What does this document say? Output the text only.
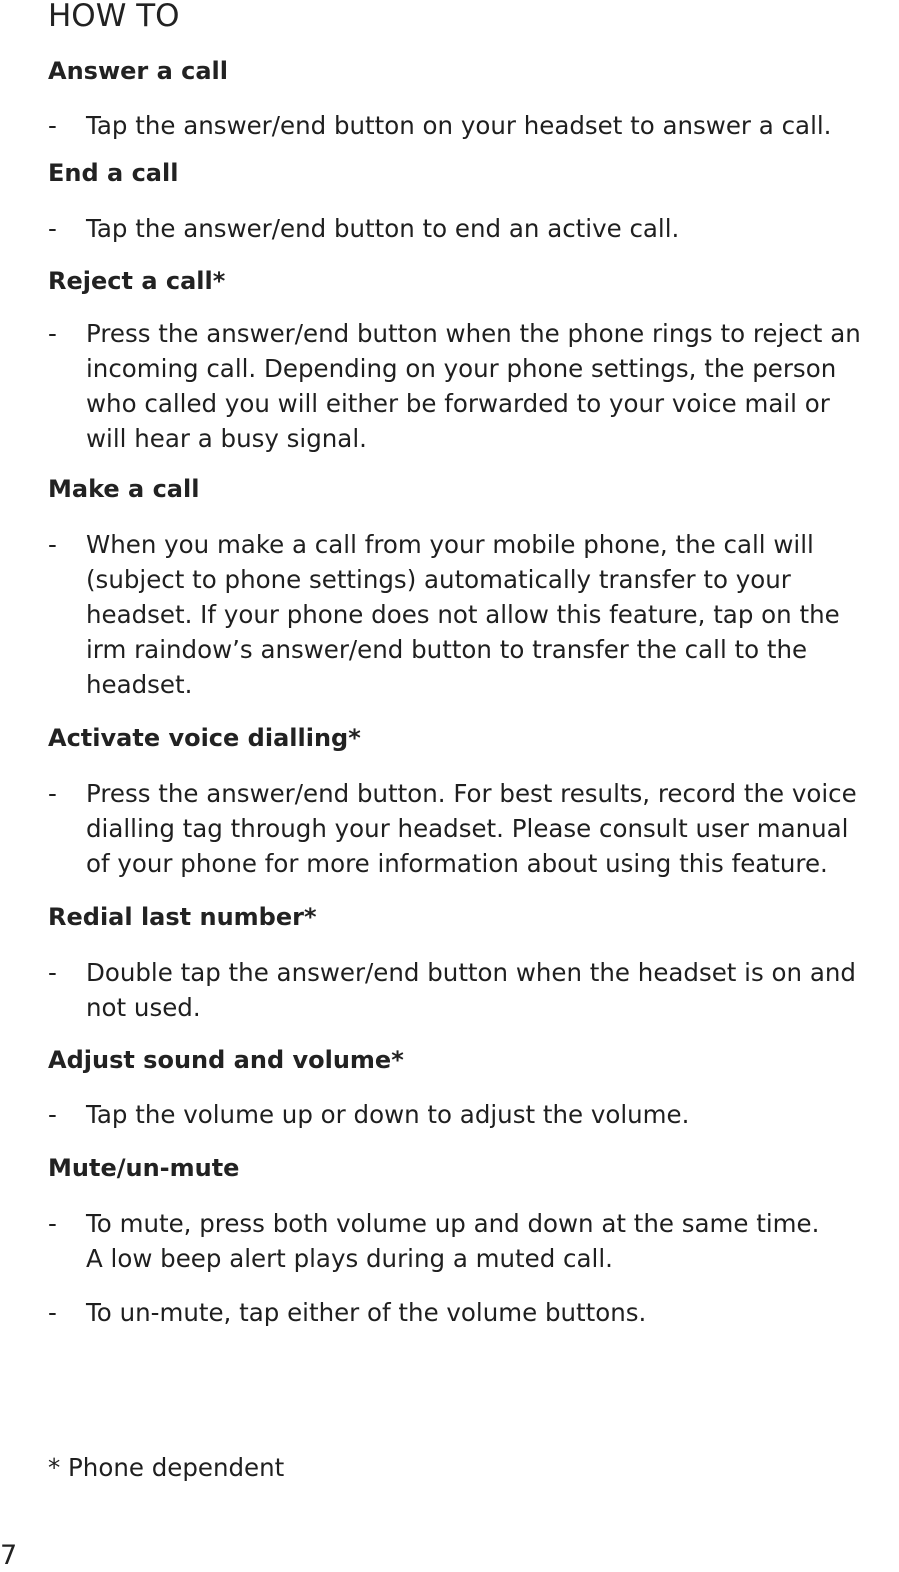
HOW TO
Answer a call
-	Tap the answer/end button on your headset to answer a call.
End a call
-	Tap the answer/end button to end an active call.
Reject a call*
-	Press the answer/end button when the phone rings to reject an
incoming call. Depending on your phone settings, the person
who called you will either be forwarded to your voice mail or
will hear a busy signal.
Make a call
-	When you make a call from your mobile phone, the call will
(subject to phone settings) automatically transfer to your
headset. If your phone does not allow this feature, tap on the
irm raindow’s answer/end button to transfer the call to the
headset.
Activate voice dialling*
-	Press the answer/end button. For best results, record the voice
dialling tag through your headset. Please consult user manual
of your phone for more information about using this feature.
Redial last number*
-	Double tap the answer/end button when the headset is on and
not used.
Adjust sound and volume*
-	Tap the volume up or down to adjust the volume.
Mute/un-mute
-	To mute, press both volume up and down at the same time.
A low beep alert plays during a muted call.
-	To un-mute, tap either of the volume buttons.
* Phone dependent
7
